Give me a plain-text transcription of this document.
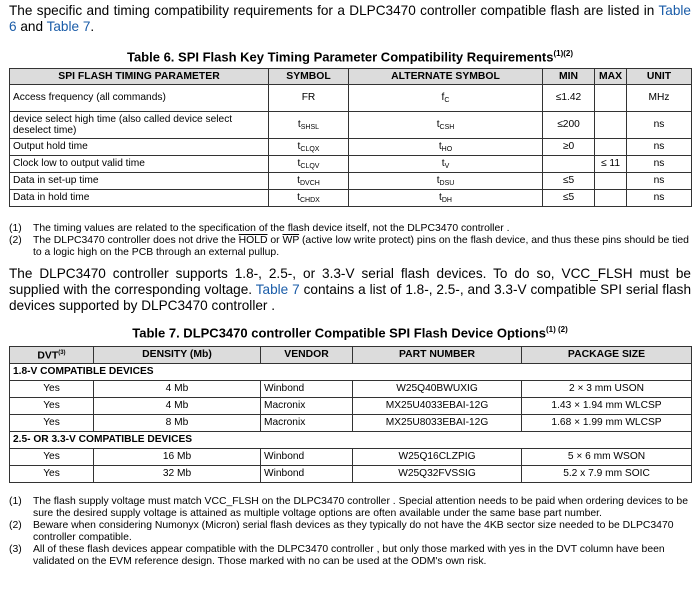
The specific and timing compatibility requirements for a DLPC3470 controller compatible flash are listed in Table 6 and Table 7.

Table 6. SPI Flash Key Timing Parameter Compatibility Requirements$^{(1)(2)}$

SPI FLASH TIMING PARAMETER	SYMBOL	ALTERNATE SYMBOL	MIN	MAX	UNIT
Access frequency (all commands)	FR	fC	≤1.42		MHz
device select high time (also called device select deselect time)	tSHSL	tCSH	≤200		ns
Output hold time	tCLQX	tHO	≥0		ns
Clock low to output valid time	tCLQV	tV		≤ 11	ns
Data in set-up time	tDVCH	tDSU	≤5		ns
Data in hold time	tCHDX	tDH	≤5		ns
(1)	The timing values are related to the specification of the flash device itself, not the DLPC3470 controller .
(2)	The DLPC3470 controller does not drive the HOLD or $\overline{WP}$ (active low write protect) pins on the flash device, and thus these pins should be tied to a logic high on the PCB through an external pullup.

The DLPC3470 controller supports 1.8-, 2.5-, or 3.3-V serial flash devices. To do so, VCC_FLSH must be supplied with the corresponding voltage. Table 7 contains a list of 1.8-, 2.5-, and 3.3-V compatible SPI serial flash devices supported by DLPC3470 controller .

Table 7. DLPC3470 controller Compatible SPI Flash Device Options$^{(1) (2)}$

DVT$^{(3)}$	DENSITY (Mb)	VENDOR	PART NUMBER	PACKAGE SIZE
1.8-V COMPATIBLE DEVICES				
Yes	4 Mb	Winbond	W25Q40BWUXIG	2 × 3 mm USON
Yes	4 Mb	Macronix	MX25U4033EBAI-12G	1.43 × 1.94 mm WLCSP
Yes	8 Mb	Macronix	MX25U8033EBAI-12G	1.68 × 1.99 mm WLCSP
2.5- OR 3.3-V COMPATIBLE DEVICES				
Yes	16 Mb	Winbond	W25Q16CLZPIG	5 × 6 mm WSON
Yes	32 Mb	Winbond	W25Q32FVSSIG	5.2 x 7.9 mm SOIC
(1)	The flash supply voltage must match VCC_FLSH on the DLPC3470 controller . Special attention needs to be paid when ordering devices to be sure the desired supply voltage is attained as multiple voltage options are often available under the same base part number.
(2)	Beware when considering Numonyx (Micron) serial flash devices as they typically do not have the 4KB sector size needed to be DLPC3470 controller compatible.
(3)	All of these flash devices appear compatible with the DLPC3470 controller , but only those marked with yes in the DVT column have been validated on the EVM reference design. Those marked with no can be used at the ODM's own risk.
